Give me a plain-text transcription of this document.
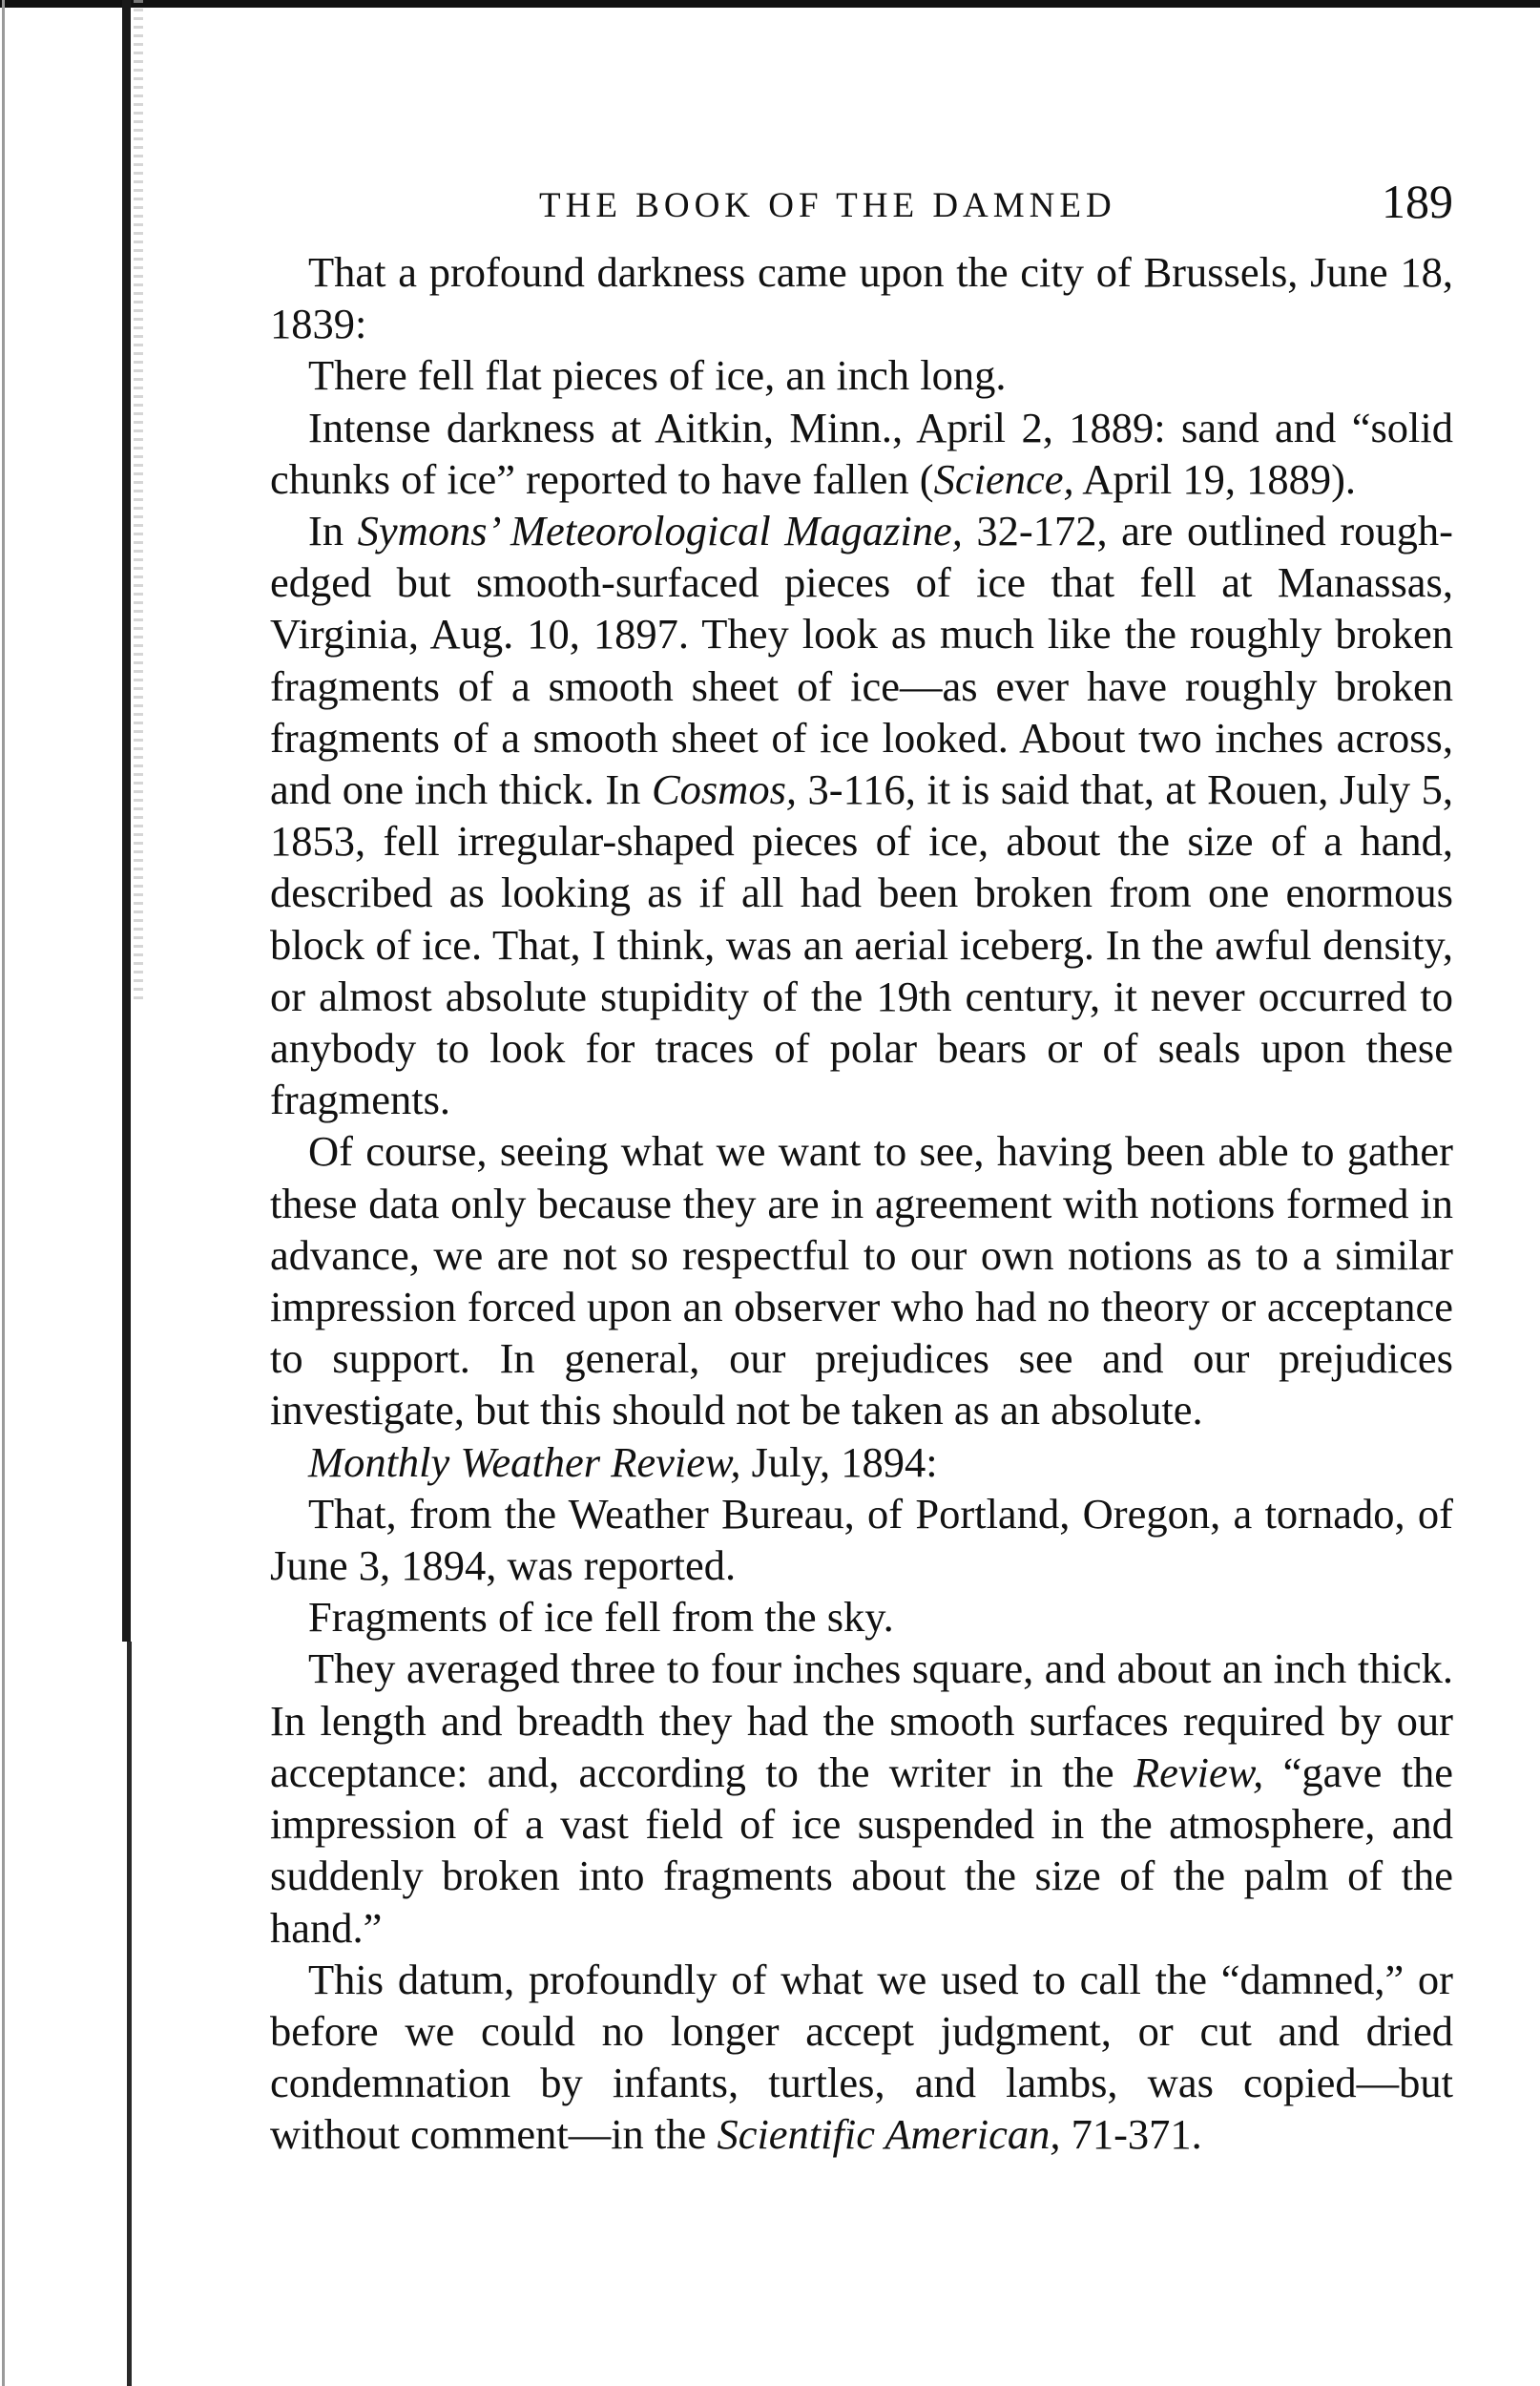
THE BOOK OF THE DAMNED	189

That a profound darkness came upon the city of Brussels, June 18, 1839:

There fell flat pieces of ice, an inch long.

Intense darkness at Aitkin, Minn., April 2, 1889: sand and “solid chunks of ice” reported to have fallen (Science, April 19, 1889).

In Symons’ Meteorological Magazine, 32-172, are outlined rough-edged but smooth-surfaced pieces of ice that fell at Manassas, Virginia, Aug. 10, 1897. They look as much like the roughly broken fragments of a smooth sheet of ice—as ever have roughly broken fragments of a smooth sheet of ice looked. About two inches across, and one inch thick. In Cosmos, 3-116, it is said that, at Rouen, July 5, 1853, fell irregular-shaped pieces of ice, about the size of a hand, described as looking as if all had been broken from one enormous block of ice. That, I think, was an aerial iceberg. In the awful density, or almost absolute stupidity of the 19th century, it never occurred to anybody to look for traces of polar bears or of seals upon these fragments.

Of course, seeing what we want to see, having been able to gather these data only because they are in agreement with notions formed in advance, we are not so respectful to our own notions as to a similar impression forced upon an observer who had no theory or acceptance to support. In general, our prejudices see and our prejudices investigate, but this should not be taken as an absolute.

Monthly Weather Review, July, 1894:

That, from the Weather Bureau, of Portland, Oregon, a tornado, of June 3, 1894, was reported.

Fragments of ice fell from the sky.

They averaged three to four inches square, and about an inch thick. In length and breadth they had the smooth surfaces required by our acceptance: and, according to the writer in the Review, “gave the impression of a vast field of ice suspended in the atmosphere, and suddenly broken into fragments about the size of the palm of the hand.”

This datum, profoundly of what we used to call the “damned,” or before we could no longer accept judgment, or cut and dried condemnation by infants, turtles, and lambs, was copied—but without comment—in the Scientific American, 71-371.
